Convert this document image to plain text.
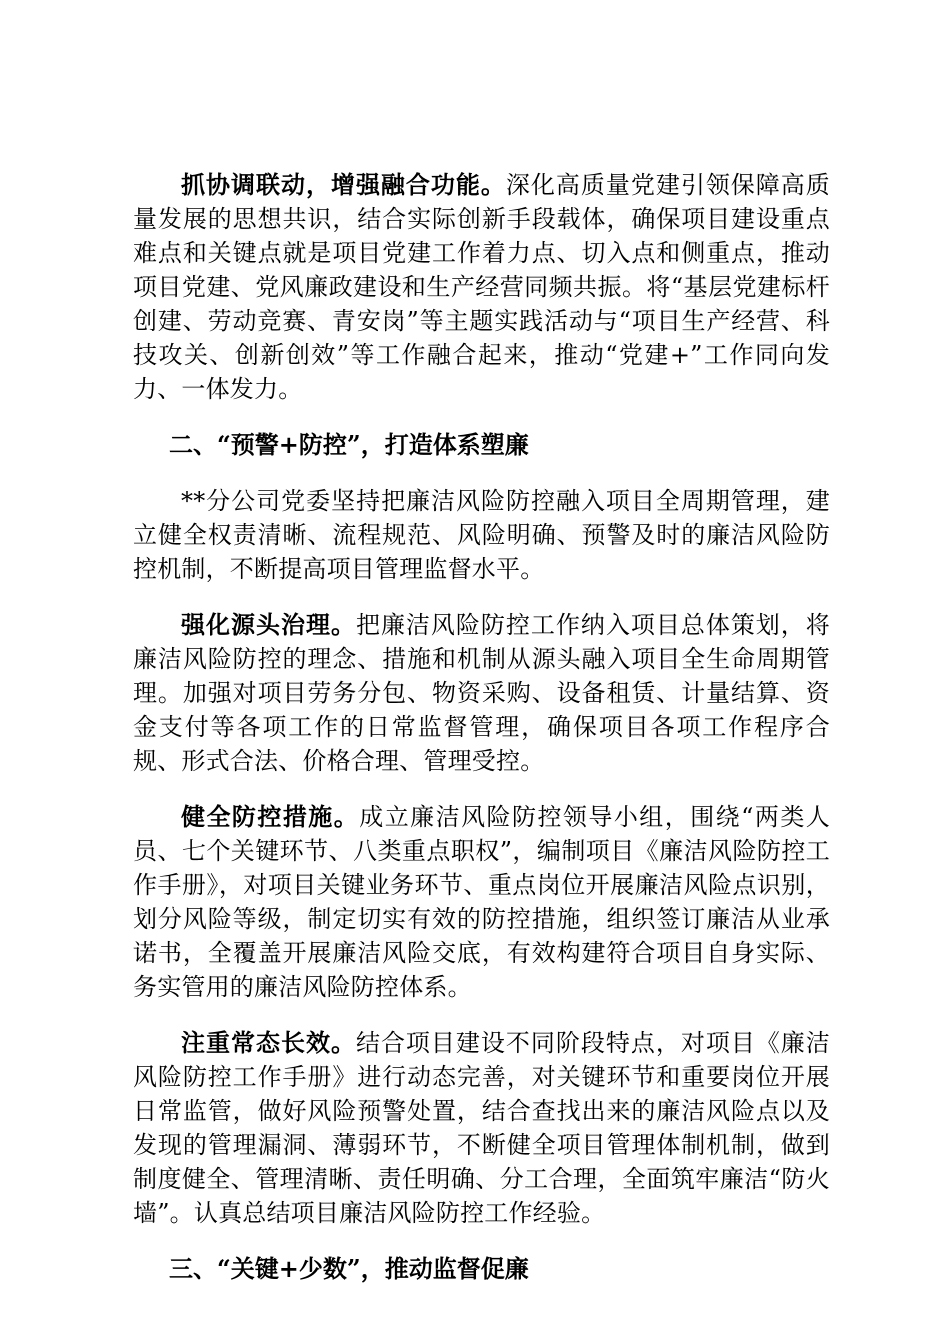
抓协调联动，增强融合功能。深化高质量党建引领保障高质量发展的思想共识，结合实际创新手段载体，确保项目建设重点难点和关键点就是项目党建工作着力点、切入点和侧重点，推动项目党建、党风廉政建设和生产经营同频共振。将“基层党建标杆创建、劳动竞赛、青安岗”等主题实践活动与“项目生产经营、科技攻关、创新创效”等工作融合起来，推动“党建+”工作同向发力、一体发力。

二、“预警+防控”，打造体系塑廉

**分公司党委坚持把廉洁风险防控融入项目全周期管理，建立健全权责清晰、流程规范、风险明确、预警及时的廉洁风险防控机制，不断提高项目管理监督水平。

强化源头治理。把廉洁风险防控工作纳入项目总体策划，将廉洁风险防控的理念、措施和机制从源头融入项目全生命周期管理。加强对项目劳务分包、物资采购、设备租赁、计量结算、资金支付等各项工作的日常监督管理，确保项目各项工作程序合规、形式合法、价格合理、管理受控。

健全防控措施。成立廉洁风险防控领导小组，围绕“两类人员、七个关键环节、八类重点职权”，编制项目《廉洁风险防控工作手册》，对项目关键业务环节、重点岗位开展廉洁风险点识别，划分风险等级，制定切实有效的防控措施，组织签订廉洁从业承诺书，全覆盖开展廉洁风险交底，有效构建符合项目自身实际、务实管用的廉洁风险防控体系。

注重常态长效。结合项目建设不同阶段特点，对项目《廉洁风险防控工作手册》进行动态完善，对关键环节和重要岗位开展日常监管，做好风险预警处置，结合查找出来的廉洁风险点以及发现的管理漏洞、薄弱环节，不断健全项目管理体制机制，做到制度健全、管理清晰、责任明确、分工合理，全面筑牢廉洁“防火墙”。认真总结项目廉洁风险防控工作经验。

三、“关键+少数”，推动监督促廉
